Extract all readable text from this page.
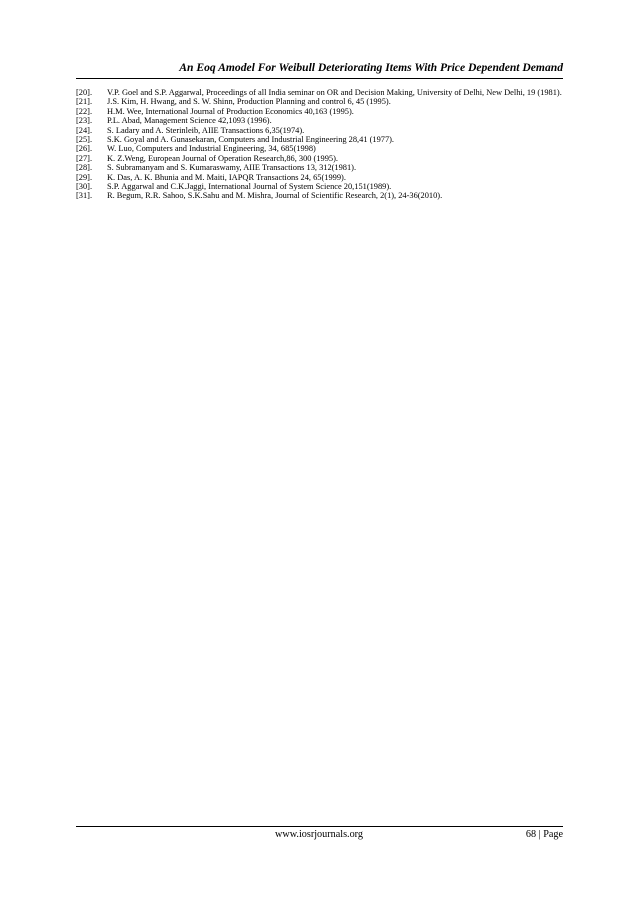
An Eoq Amodel For Weibull Deteriorating Items With Price Dependent Demand
[20].	V.P. Goel and S.P. Aggarwal, Proceedings of all India seminar on OR and Decision Making, University of Delhi, New Delhi, 19 (1981).
[21].	J.S. Kim, H. Hwang, and S. W. Shinn, Production Planning and control 6, 45 (1995).
[22].	H.M. Wee, International Journal of Production Economics 40,163 (1995).
[23].	P.L. Abad, Management Science 42,1093 (1996).
[24].	S. Ladary and A. Sterinleib, AIIE Transactions 6,35(1974).
[25].	S.K. Goyal and A. Gunasekaran, Computers and Industrial Engineering 28,41 (1977).
[26].	W. Luo, Computers and Industrial Engineering, 34, 685(1998)
[27].	K. Z.Weng, European Journal of Operation Research,86, 300 (1995).
[28].	S. Subramanyam and S. Kumaraswamy, AIIE Transactions 13, 312(1981).
[29].	K. Das, A. K. Bhunia and M. Maiti, IAPQR Transactions 24, 65(1999).
[30].	S.P. Aggarwal and C.K.Jaggi, International Journal of System Science 20,151(1989).
[31].	R. Begum, R.R. Sahoo, S.K.Sahu and M. Mishra, Journal of Scientific Research, 2(1), 24-36(2010).
www.iosrjournals.org	68 | Page
